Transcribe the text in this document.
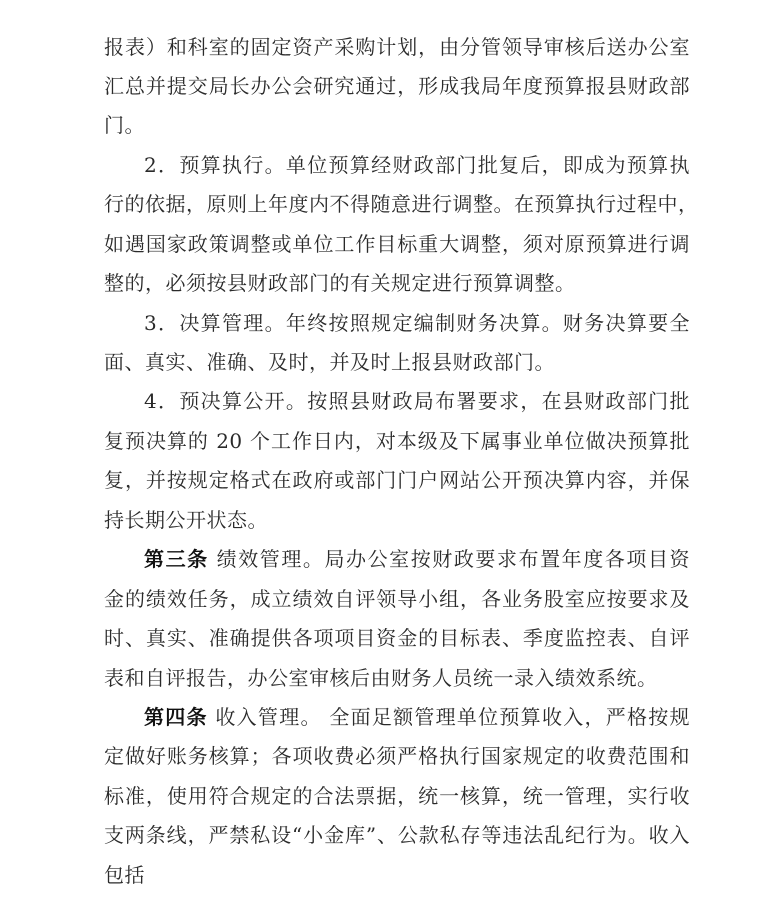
报表）和科室的固定资产采购计划，由分管领导审核后送办公室
汇总并提交局长办公会研究通过，形成我局年度预算报县财政部
门。
2．预算执行。单位预算经财政部门批复后，即成为预算执
行的依据，原则上年度内不得随意进行调整。在预算执行过程中，
如遇国家政策调整或单位工作目标重大调整，须对原预算进行调
整的，必须按县财政部门的有关规定进行预算调整。
3．决算管理。年终按照规定编制财务决算。财务决算要全
面、真实、准确、及时，并及时上报县财政部门。
4．预决算公开。按照县财政局布署要求，在县财政部门批
复预决算的 20 个工作日内，对本级及下属事业单位做决预算批
复，并按规定格式在政府或部门门户网站公开预决算内容，并保
持长期公开状态。
第三条 绩效管理。局办公室按财政要求布置年度各项目资
金的绩效任务，成立绩效自评领导小组，各业务股室应按要求及
时、真实、准确提供各项项目资金的目标表、季度监控表、自评
表和自评报告，办公室审核后由财务人员统一录入绩效系统。
第四条 收入管理。 全面足额管理单位预算收入，严格按规
定做好账务核算；各项收费必须严格执行国家规定的收费范围和
标准，使用符合规定的合法票据，统一核算，统一管理，实行收
支两条线，严禁私设“小金库”、公款私存等违法乱纪行为。收入
包括
